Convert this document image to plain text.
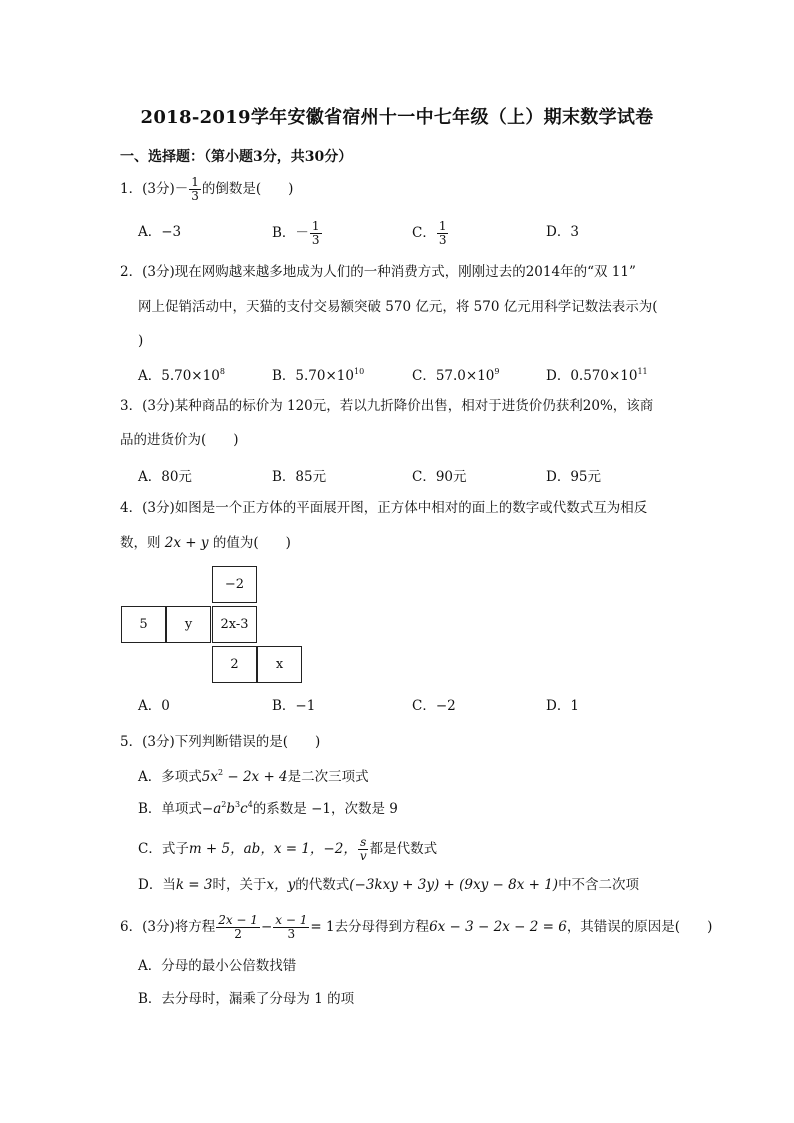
2018-2019学年安徽省宿州十一中七年级（上）期末数学试卷
一、选择题：（第小题3分，共30分）
1．(3分)－ $\frac{1}{3}$ 的倒数是(　　)
A．−3	B．－ $\frac{1}{3}$	C． $\frac{1}{3}$	D．3
2．(3分)现在网购越来越多地成为人们的一种消费方式，刚刚过去的2014年的“双 11”
网上促销活动中，天猫的支付交易额突破 570 亿元，将 570 亿元用科学记数法表示为(
)
A．$5.70\times 10^8$	B．$5.70\times 10^{10}$	C．$57.0\times 10^9$	D．$0.570\times 10^{11}$
3．(3分)某种商品的标价为 120元，若以九折降价出售，相对于进货价仍获利20%，该商
品的进货价为(　　)
A．80元	B．85元	C．90元	D．95元
4．(3分)如图是一个正方体的平面展开图，正方体中相对的面上的数字或代数式互为相反
数，则 2x + y 的值为(　　)
−2
5	y	2x-3
2	x
A．0	B．−1	C．−2	D．1
5．(3分)下列判断错误的是(　　)
A．多项式$5x^2 - 2x + 4$是二次三项式
B．单项式$-a^2b^3c^4$的系数是 −1，次数是 9
C．式子m + 5，ab，x = 1，−2， $\frac{s}{v}$ 都是代数式
D．当k = 3时，关于x，y的代数式(−3kxy + 3y) + (9xy − 8x + 1)中不含二次项
6．(3分)将方程 $\frac{2x - 1}{2} - \frac{x - 1}{3} = 1$去分母得到方程6x − 3 − 2x − 2 = 6，其错误的原因是(　　)
A．分母的最小公倍数找错
B．去分母时，漏乘了分母为 1 的项
